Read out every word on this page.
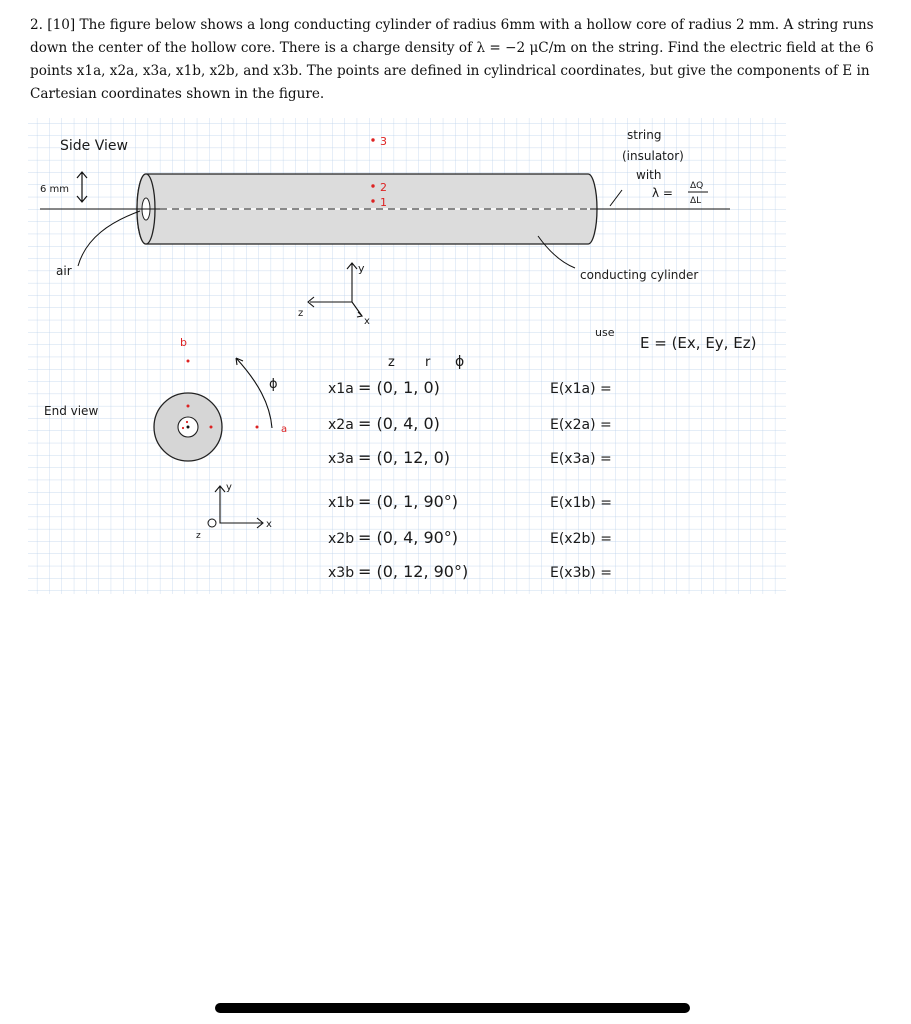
2. [10] The figure below shows a long conducting cylinder of radius 6mm with a hollow core of radius 2 mm. A string runs down the center of the hollow core. There is a charge density of λ = −2 μC/m on the string. Find the electric field at the 6 points x1a, x2a, x3a, x1b, x2b, and x3b. The points are defined in cylindrical coordinates, but give the components of E in Cartesian coordinates shown in the figure.
Side View
6 mm
3
2
1
string
(insulator)
with
λ = ΔQ
ΔL
air	conducting cylinder
y
z
x
End view
b
a
ϕ
y
x
z
use
E = (Ex, Ey, Ez)
z r ϕ
x1a = (0, 1, 0)	E(x1a) =
x2a = (0, 4, 0)	E(x2a) =
x3a = (0, 12, 0)	E(x3a) =
x1b = (0, 1, 90°)	E(x1b) =
x2b = (0, 4, 90°)	E(x2b) =
x3b = (0, 12, 90°)	E(x3b) =
